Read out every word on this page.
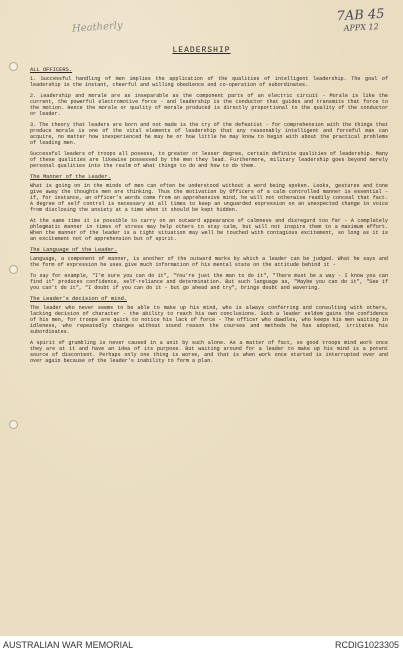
Heatherly
7AB 45
APPX 12
LEADERSHIP
ALL OFFICERS.

1. Successful handling of men implies the application of the qualities of intelligent leadership. The goal of leadership is the instant, cheerful and willing obedience and co-operation of subordinates.

2. Leadership and morale are as inseparable as the component parts of an electric circuit - Morale is like the current, the powerful electromotive force - and leadership is the conductor that guides and transmits that force to the motion. Hence the morale or quality of morale produced is directly proportional to the quality of the conductor or leader.

3. The theory that leaders are born and not made is the cry of the defeatist - for comprehension with the things that produce morale is one of the vital elements of leadership that any reasonably intelligent and forceful man can acquire, no matter how inexperienced he may be or how little he may know to begin with about the practical problems of leading men.

Successful leaders of troops all possess, to greater or lesser degree, certain definite qualities of leadership. Many of these qualities are likewise possessed by the men they lead. Furthermore, military leadership goes beyond merely personal qualities into the realm of what things to do and how to do them.

The Manner of the Leader.

What is going on in the minds of men can often be understood without a word being spoken. Looks, gestures and tone give away the thoughts men are thinking. Thus the motivation by Officers of a calm controlled manner is essential - if, for instance, an officer's words come from an apprehensive mind, he will not otherwise readily conceal that fact. A degree of self control is necessary at all times to keep an unguarded expression on an unexpected change in voice from disclosing the anxiety at a time when it should be kept hidden.

At the same time it is possible to carry on an outward appearance of calmness and disregard too far - A completely phlegmatic manner in times of stress may help others to stay calm, but will not inspire them to a maximum effort. When the manner of the leader is a tight situation may well be touched with contagious excitement, so long as it is an excitement not of apprehension but of spirit.

The Language of the Leader.

Language, a component of manner, is another of the outward marks by which a leader can be judged. What he says and the form of expression he uses give much information of his mental state on the attitude behind it -

To say for example, "I'm sure you can do it", "You're just the man to do it", "There must be a way - I know you can find it" produces confidence, self-reliance and determination. But such language as, "Maybe you can do it", "See if you can't do it", "I doubt if you can do it - but go ahead and try", brings doubt and wavering.

The Leader's decision of mind.

The leader who never seems to be able to make up his mind, who is always conferring and consulting with others, lacking decision of character - the ability to reach his own conclusions. Such a leader seldom gains the confidence of his men, for troops are quick to notice his lack of force - The officer who dawdles, who keeps his men waiting in idleness, who repeatedly changes without sound reason the courses and methods he has adopted, irritates his subordinates.

A spirit of grumbling is never caused in a unit by such alone. As a matter of fact, so good troops mind work once they are at it and have an idea of its purpose. But waiting around for a leader to make up his mind is a potent source of discontent. Perhaps only one thing is worse, and that is when work once started is interrupted over and over again because of the leader's inability to form a plan.

AUSTRALIAN WAR MEMORIAL	RCDIG1023305
